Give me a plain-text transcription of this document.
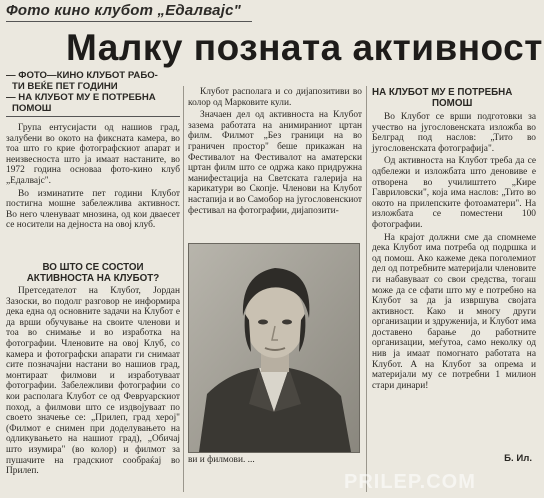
Фото кино клубот „Едалвајс"
Малку позната активност
— ФОТО—КИНО КЛУБОТ РАБО-
ТИ ВЕЌЕ ПЕТ ГОДИНИ
— НА КЛУБОТ МУ Е ПОТРЕБНА
ПОМОШ

Група ентусијасти од нашиов град, залубени во окото на фиксната камера, во тоа што го крие фотографскиот апарат и неизвесноста што ја имаат настаните, во 1972 година основаа фото-кино клуб „Едалвајс".

Во изминатите пет години Клубот постигна мошне забележлива активност. Во него членуваат мнозина, од кои дваесет се носители на дејноста на овој клуб.

ВО ШТО СЕ СОСТОИ
АКТИВНОСТА НА КЛУБОТ?

Претседателот на Клубот, Јордан Зазоски, во подолг разговор не информира дека една од основните задачи на Клубот е да врши обучување на своите членови и тоа во снимање и во изработка на фотографии. Членовите на овој Клуб, со камера и фотографски апарати ги снимаат сите позначајни настани во нашиов град, монтираат филмови и изработуваат фотографии. Забележливи фотографии со кои располага Клубот се од Февруарскиот поход, а филмови што се издвојуваат по своето значење се: „Прилеп, град херој" (Филмот е снимен при доделувањето на одликувањето на нашиот град), „Обичај што изумира" (во колор) и филмот за пушачите на градскиот сообраќај во Прилеп.

Клубот располага и со дијапозитиви во колор од Марковите кули.

Значаен дел од активноста на Клубот зазема работата на анимираниот цртан филм. Филмот „Без граници на во граничен простор" беше прикажан на Фестивалот на Фестивалот на аматерски цртан филм што се одржа како придружна манифестација на Светската галерија на карикатури во Скопје. Членови на Клубот настапија и во Самобор на југословенскиот фестивал на фотографии, дијапозити-

ви и филмови. ...

НА КЛУБОТ МУ Е ПОТРЕБНА
ПОМОШ

Во Клубот се врши подготовки за учество на југословенската изложба во Белград под наслов: „Тито во југословенската фотографија".

Од активноста на Клубот треба да се одбележи и изложбата што деновиве е отворена во училиштето „Кире Гавриловски", која има наслов: „Тито во окото на прилепските фотоаматери". На изложбата се поместени 100 фотографии.

На крајот должни сме да спомнеме дека Клубот има потреба од подршка и од помош. Ако кажеме дека поголемиот дел од потребните материјали членовите ги набавуваат со свои средства, тогаш може да се сфати што му е потребно на Клубот за да ја извршува својата активност. Како и многу други организации и здруженија, и Клубот има доставено барање до работните организации, меѓутоа, само неколку од нив ја имаат помогнато работата на Клубот. А на Клубот за опрема и материјали му се потребни 1 милион стари динари!

Б. Ил.
PRILEP.COM
